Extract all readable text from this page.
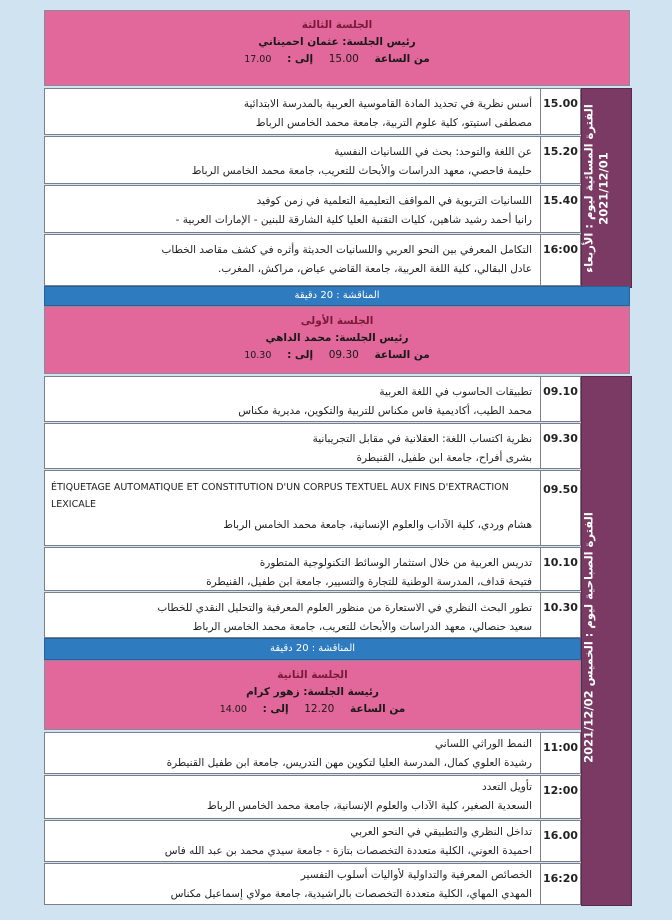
الجلسة الثالثة
رئيس الجلسة: عثمان احميناني
من الساعة 15.00 إلى : 17.00
الفترة المسائية ليوم : الأربعاء 2021/12/01
أسس نظرية في تحديد المادة القاموسية العربية بالمدرسة الابتدائية
مصطفى استيتو، كلية علوم التربية، جامعة محمد الخامس الرباط
15.00
عن اللغة والتوحد: بحث في اللسانيات النفسية
حليمة فاحصي، معهد الدراسات والأبحاث للتعريب، جامعة محمد الخامس الرباط
15.20
اللسانيات التربوية في المواقف التعليمية التعلمية في زمن كوفيد
رانيا أحمد رشيد شاهين، كليات التقنية العليا كلية الشارقة للبنين - الإمارات العربية -
15.40
التكامل المعرفي بين النحو العربي واللسانيات الحديثة وأثره في كشف مقاصد الخطاب
عادل البقالي، كلية اللغة العربية، جامعة القاضي عياض، مراكش، المغرب.
16:00
المناقشة : 20 دقيقة
الجلسة الأولى
رئيس الجلسة: محمد الداهي
من الساعة 09.30 إلى : 10.30
الفترة الصباحية ليوم : الخميس 2021/12/02
تطبيقات الحاسوب في اللغة العربية
محمد الطيب، أكاديمية فاس مكناس للتربية والتكوين، مديرية مكناس
09.10
نظرية اكتساب اللغة: العقلانية في مقابل التجريبانية
بشرى أفراح، جامعة ابن طفيل، القنيطرة
09.30
ÉTIQUETAGE AUTOMATIQUE ET CONSTITUTION D'UN CORPUS TEXTUEL AUX FINS D'EXTRACTION LEXICALE
هشام وردي، كلية الآداب والعلوم الإنسانية، جامعة محمد الخامس الرباط
09.50
تدريس العربية من خلال استثمار الوسائط التكنولوجية المتطورة
فتيحة قداف، المدرسة الوطنية للتجارة والتسيير، جامعة ابن طفيل، القنيطرة
10.10
تطور البحث النظري في الاستعارة من منظور العلوم المعرفية والتحليل النقدي للخطاب
سعيد حنصالي، معهد الدراسات والأبحاث للتعريب، جامعة محمد الخامس الرباط
10.30
المناقشة : 20 دقيقة
الجلسة الثانية
رئيسة الجلسة: زهور كرام
من الساعة 12.20 إلى : 14.00
النمط الوراثي اللساني
رشيدة العلوي كمال، المدرسة العليا لتكوين مهن التدريس، جامعة ابن طفيل القنيطرة
11:00
تأويل التعدد
السعدية الصغير، كلية الآداب والعلوم الإنسانية، جامعة محمد الخامس الرباط
12:00
تداخل النظري والتطبيقي في النحو العربي
احميدة العوني، الكلية متعددة التخصصات بتازة - جامعة سيدي محمد بن عبد الله فاس
16.00
الخصائص المعرفية والتداولية لأواليات أسلوب التفسير
المهدي المهاي، الكلية متعددة التخصصات بالراشيدية، جامعة مولاي إسماعيل مكناس
16:20
